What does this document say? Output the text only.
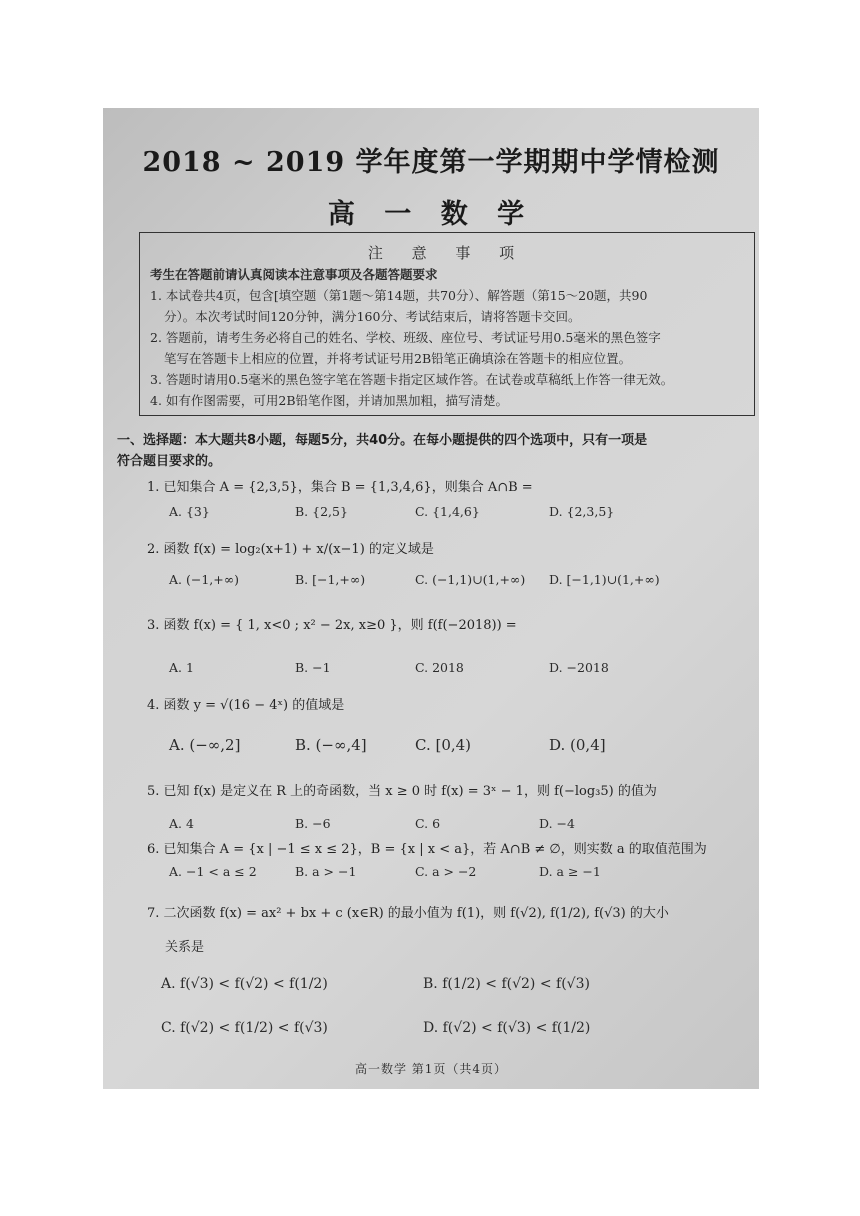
2018 ~ 2019 学年度第一学期期中学情检测
高 一 数 学
注 意 事 项
考生在答题前请认真阅读本注意事项及各题答题要求
1. 本试卷共4页，包含[填空题（第1题～第14题，共70分）、解答题（第15～20题，共90
分）。本次考试时间120分钟，满分160分、考试结束后，请将答题卡交回。
2. 答题前，请考生务必将自己的姓名、学校、班级、座位号、考试证号用0.5毫米的黑色签字
笔写在答题卡上相应的位置，并将考试证号用2B铅笔正确填涂在答题卡的相应位置。
3. 答题时请用0.5毫米的黑色签字笔在答题卡指定区域作答。在试卷或草稿纸上作答一律无效。
4. 如有作图需要，可用2B铅笔作图，并请加黑加粗，描写清楚。
一、选择题：本大题共8小题，每题5分，共40分。在每小题提供的四个选项中，只有一项是
符合题目要求的。
1. 已知集合 A = {2,3,5}，集合 B = {1,3,4,6}，则集合 A∩B =
A. {3}	B. {2,5}	C. {1,4,6}	D. {2,3,5}
2. 函数 f(x) = log₂(x+1) + x/(x−1) 的定义域是
A. (−1,+∞)	B. [−1,+∞)	C. (−1,1)∪(1,+∞) D. [−1,1)∪(1,+∞)
3. 函数 f(x) = { 1, x<0 ; x² − 2x, x≥0 }，则 f(f(−2018)) =
A. 1	B. −1	C. 2018	D. −2018
4. 函数 y = √(16 − 4ˣ) 的值域是
A. (−∞,2]	B. (−∞,4]	C. [0,4)	D. (0,4]
5. 已知 f(x) 是定义在 R 上的奇函数，当 x ≥ 0 时 f(x) = 3ˣ − 1，则 f(−log₃5) 的值为
A. 4	B. −6	C. 6	D. −4
6. 已知集合 A = {x | −1 ≤ x ≤ 2}，B = {x | x < a}，若 A∩B ≠ ∅，则实数 a 的取值范围为
A. −1 < a ≤ 2	B. a > −1	C. a > −2	D. a ≥ −1
7. 二次函数 f(x) = ax² + bx + c (x∈R) 的最小值为 f(1)，则 f(√2), f(1/2), f(√3) 的大小
关系是
A. f(√3) < f(√2) < f(1/2)	B. f(1/2) < f(√2) < f(√3)
C. f(√2) < f(1/2) < f(√3)	D. f(√2) < f(√3) < f(1/2)
高一数学 第1页（共4页）
